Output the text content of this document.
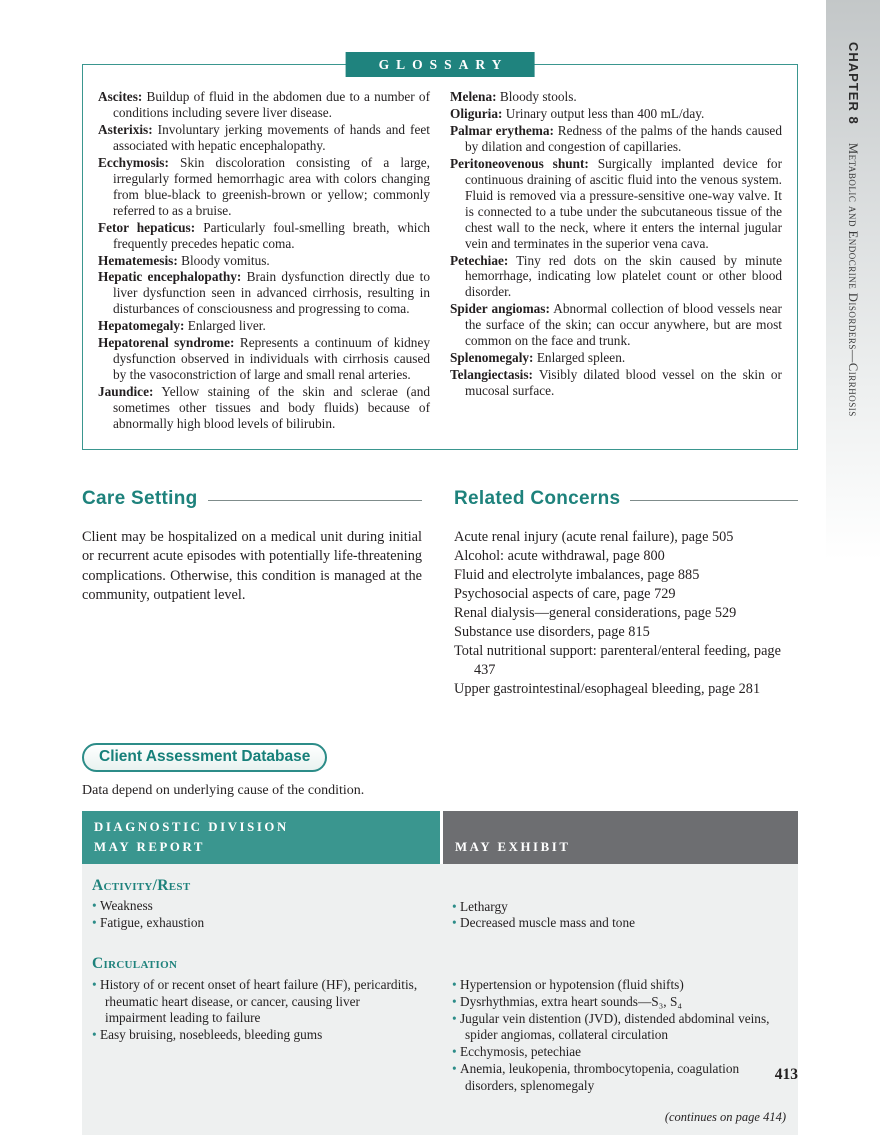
CHAPTER 8 Metabolic and Endocrine Disorders—Cirrhosis
GLOSSARY

Ascites: Buildup of fluid in the abdomen due to a number of conditions including severe liver disease.

Asterixis: Involuntary jerking movements of hands and feet associated with hepatic encephalopathy.

Ecchymosis: Skin discoloration consisting of a large, irregularly formed hemorrhagic area with colors changing from blue-black to greenish-brown or yellow; commonly referred to as a bruise.

Fetor hepaticus: Particularly foul-smelling breath, which frequently precedes hepatic coma.

Hematemesis: Bloody vomitus.

Hepatic encephalopathy: Brain dysfunction directly due to liver dysfunction seen in advanced cirrhosis, resulting in disturbances of consciousness and progressing to coma.

Hepatomegaly: Enlarged liver.

Hepatorenal syndrome: Represents a continuum of kidney dysfunction observed in individuals with cirrhosis caused by the vasoconstriction of large and small renal arteries.

Jaundice: Yellow staining of the skin and sclerae (and sometimes other tissues and body fluids) because of abnormally high blood levels of bilirubin.

Melena: Bloody stools.

Oliguria: Urinary output less than 400 mL/day.

Palmar erythema: Redness of the palms of the hands caused by dilation and congestion of capillaries.

Peritoneovenous shunt: Surgically implanted device for continuous draining of ascitic fluid into the venous system. Fluid is removed via a pressure-sensitive one-way valve. It is connected to a tube under the subcutaneous tissue of the chest wall to the neck, where it enters the internal jugular vein and terminates in the superior vena cava.

Petechiae: Tiny red dots on the skin caused by minute hemorrhage, indicating low platelet count or other blood disorder.

Spider angiomas: Abnormal collection of blood vessels near the surface of the skin; can occur anywhere, but are most common on the face and trunk.

Splenomegaly: Enlarged spleen.

Telangiectasis: Visibly dilated blood vessel on the skin or mucosal surface.

Care Setting

Client may be hospitalized on a medical unit during initial or recurrent acute episodes with potentially life-threatening complications. Otherwise, this condition is managed at the community, outpatient level.

Related Concerns
Acute renal injury (acute renal failure), page 505
Alcohol: acute withdrawal, page 800
Fluid and electrolyte imbalances, page 885
Psychosocial aspects of care, page 729
Renal dialysis—general considerations, page 529
Substance use disorders, page 815
Total nutritional support: parenteral/enteral feeding, page 437
Upper gastrointestinal/esophageal bleeding, page 281
Client Assessment Database
Data depend on underlying cause of the condition.
DIAGNOSTIC DIVISION
MAY REPORT	MAY EXHIBIT
Activity/Rest
• Weakness
• Fatigue, exhaustion
• Lethargy
• Decreased muscle mass and tone
Circulation
• History of or recent onset of heart failure (HF), pericarditis, rheumatic heart disease, or cancer, causing liver impairment leading to failure
• Easy bruising, nosebleeds, bleeding gums
• Hypertension or hypotension (fluid shifts)
• Dysrhythmias, extra heart sounds—S₃, S₄
• Jugular vein distention (JVD), distended abdominal veins, spider angiomas, collateral circulation
• Ecchymosis, petechiae
• Anemia, leukopenia, thrombocytopenia, coagulation disorders, splenomegaly
(continues on page 414)
413
